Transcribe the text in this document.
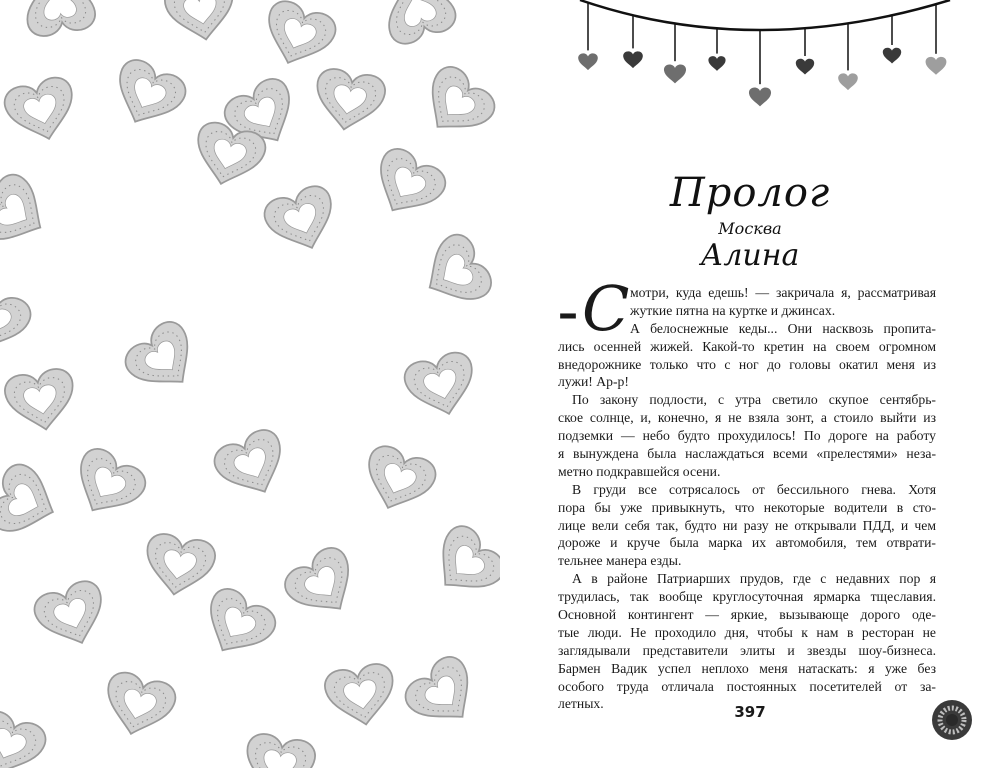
Пролог
Москва
Алина
– С мотри, куда едешь! — закричала я, рассматривая
жуткие пятна на куртке и джинсах.
А белоснежные кеды... Они насквозь пропита-
лись осенней жижей. Какой-то кретин на своем огромном
внедорожнике только что с ног до головы окатил меня из
лужи! Ар-р!
По закону подлости, с утра светило скупое сентябрь-
ское солнце, и, конечно, я не взяла зонт, а стоило выйти из
подземки — небо будто прохудилось! По дороге на работу
я вынуждена была наслаждаться всеми «прелестями» неза-
метно подкравшейся осени.
В груди все сотрясалось от бессильного гнева. Хотя
пора бы уже привыкнуть, что некоторые водители в сто-
лице вели себя так, будто ни разу не открывали ПДД, и чем
дороже и круче была марка их автомобиля, тем отврати-
тельнее манера езды.
А в районе Патриарших прудов, где с недавних пор я
трудилась, так вообще круглосуточная ярмарка тщеславия.
Основной контингент — яркие, вызывающе дорого оде-
тые люди. Не проходило дня, чтобы к нам в ресторан не
заглядывали представители элиты и звезды шоу-бизнеса.
Бармен Вадик успел неплохо меня натаскать: я уже без
особого труда отличала постоянных посетителей от за-
летных.	397
